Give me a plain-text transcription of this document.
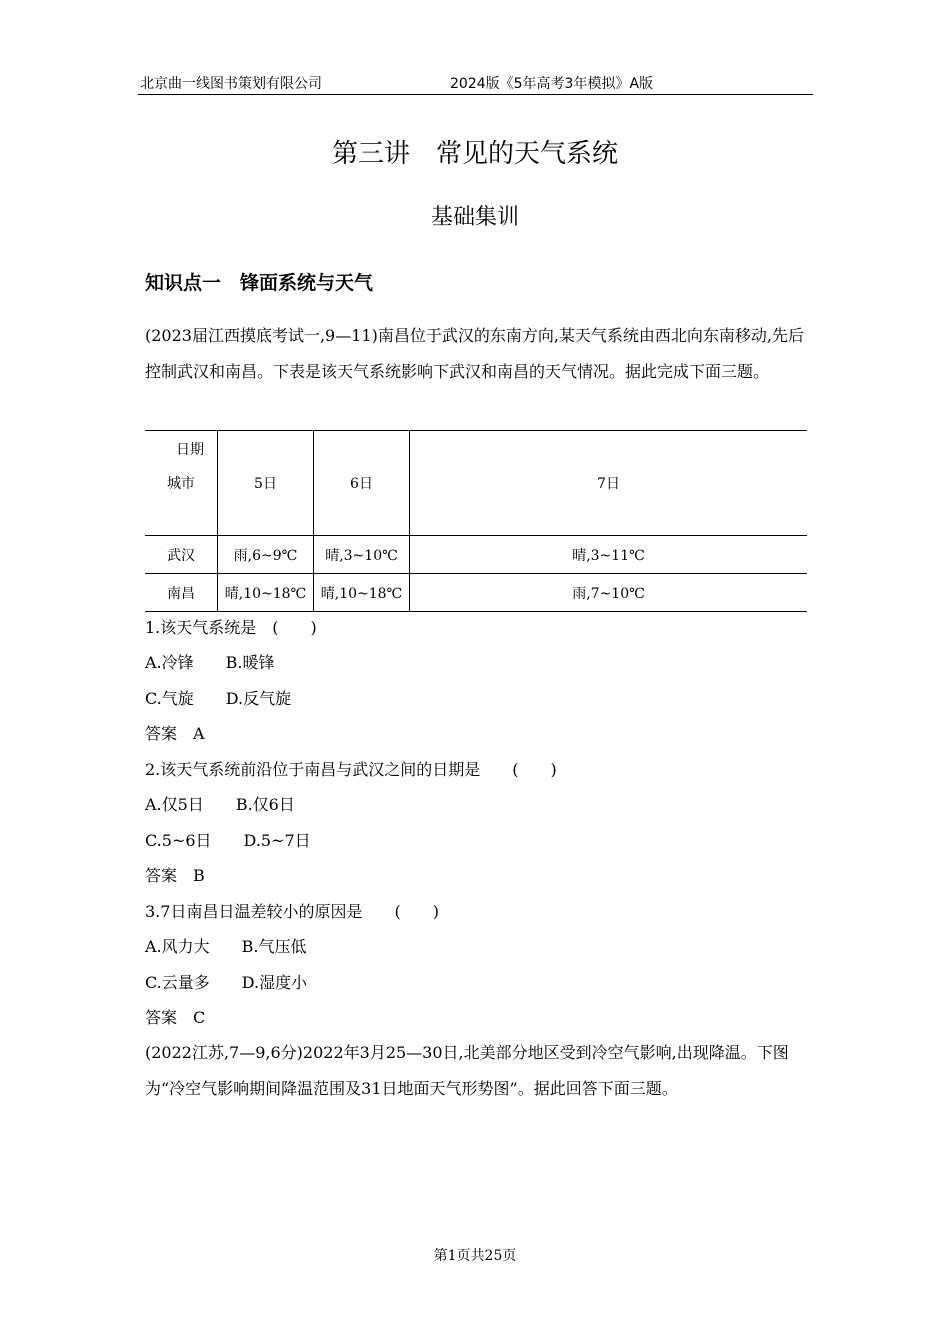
北京曲一线图书策划有限公司	2024版《5年高考3年模拟》A版
第三讲　常见的天气系统
基础集训
知识点一　锋面系统与天气
(2023届江西摸底考试一,9—11)南昌位于武汉的东南方向,某天气系统由西北向东南移动,先后控制武汉和南昌。下表是该天气系统影响下武汉和南昌的天气情况。据此完成下面三题。
日期
城市	5日	6日	7日
武汉	雨,6~9℃	晴,3~10℃	晴,3~11℃
南昌	晴,10~18℃	晴,10~18℃	雨,7~10℃
1.该天气系统是　(　　)
A.冷锋　　B.暖锋
C.气旋　　D.反气旋
答案　A
2.该天气系统前沿位于南昌与武汉之间的日期是　　(　　)
A.仅5日　　B.仅6日
C.5~6日　　D.5~7日
答案　B
3.7日南昌日温差较小的原因是　　(　　)
A.风力大　　B.气压低
C.云量多　　D.湿度小
答案　C
(2022江苏,7—9,6分)2022年3月25—30日,北美部分地区受到冷空气影响,出现降温。下图为“冷空气影响期间降温范围及31日地面天气形势图”。据此回答下面三题。
第1页共25页
